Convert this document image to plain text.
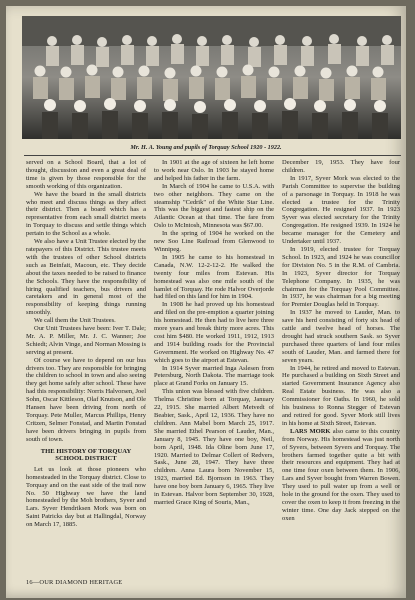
Mr. H. A. Young and pupils of Torquay School 1920 - 1922.

served on a School Board, that a lot of thought, discussion and even a great deal of time is given by those responsible for the smooth working of this organization.

We have the board in the small districts who meet and discuss things as they affect their district. Then a board which has a representative from each small district meets in Torquay to discuss and settle things which pertain to the School as a whole.

We also have a Unit Trustee elected by the ratepayers of this District. This trustee meets with the trustees of other School districts such as Beinfait, Macoun, etc. They decide about the taxes needed to be raised to finance the Schools. They have the responsibility of hiring qualified teachers, bus drivers and caretakers and in general most of the responsibility of keeping things running smoothly.

We call them the Unit Trustees.

Our Unit Trustees have been: Iver T. Dale; Mr. A. P. Miller, Mr. J. C. Wanner; Joe Schiedt; Alvin Vinge, and Norman Mossing is serving at present.

Of course we have to depend on our bus drivers too. They are responsible for bringing the children to school in town and also seeing they get home safely after school. These have had this responsibility: Norris Halvorsen, Joel Sohn, Oscar Kittleson, Olaf Knutson, and Ole Hansen have been driving from north of Torquay. Pete Muller, Marcus Phillips, Henry Critzen, Selmer Fonstad, and Martin Fonstad have been drivers bringing in pupils from south of town.

THE HISTORY OF TORQUAY SCHOOL DISTRICT

Let us look at those pioneers who homesteaded in the Torquay district. Close to Torquay and on the east side of the trail now No. 50 Highway we have the land homesteaded by the Moh brothers, Syver and Lars. Syver Hendriksen Mork was born on Saint Patricks day but at Hallingdal, Norway on March 17, 1885.

In 1901 at the age of sixteen he left home to work near Oslo. In 1903 he stayed home and helped his father in the farm.

In March of 1904 he came to U.S.A. with two other neighbors. They came on the steamship "Cedrik" of the White Star Line. This was the biggest and fastest ship on the Atlantic Ocean at that time. The fare from Oslo to McIntosh, Minnesota was $67.00.

In the spring of 1904 he worked on the new Soo Line Railroad from Glenwood to Winnipeg.

In 1905 he came to his homestead in Canada, N.W. 12-2-12-2. He walked the twenty four miles from Estevan. His homestead was also one mile south of the hamlet of Torquay. He rode Halvor Overjorde had filed on this land for him in 1904.

In 1908 he had proved up his homestead and filed on the pre-emption a quarter joining his homestead. He then had to live here three more years and break thirty more acres. This cost him $480. He worked 1911, 1912, 1913 and 1914 building roads for the Provincial Government. He worked on Highway No. 47 which goes to the airport at Estevan.

In 1914 Syver married Inga Aslesen from Petersburg, North Dakota. The marriage took place at Grand Forks on January 15.

This union was blessed with five children. Thelma Christine born at Torquay, January 22, 1915. She married Albert Metvedt of Beabier, Sask., April 12, 1936. They have no children. Ann Mabel born March 25, 1917. She married Ethel Pearson of Lauder, Man., January 8, 1945. They have one boy, Neil, born April, 1948. Ida Oline born June 17, 1920. Married to Delmar Collert of Redvers, Sask., June 28, 1947. They have three children. Anna Laura born November 15, 1923, married Ed. Bjornson in 1963. They have one boy born January 6, 1965. They live in Estevan. Halvor born September 30, 1928, married Grace King of Souris, Man.,

December 19, 1953. They have four children.

In 1917, Syver Mork was elected to the Parish Committee to supervise the building of a parsonage in Torquay. In 1918 he was elected a trustee for the Trinity Congregation. He resigned 1937. In 1923 Syver was elected secretary for the Trinity Congregation. He resigned 1939. In 1924 he became manager for the Cemetery and Undertaker until 1937.

In 1919, elected trustee for Torquay School. In 1923, and 1924 he was councillor for Division No. 5 in the R.M. of Cambria. In 1923, Syver director for Torquay Telephone Company. In 1935, he was chairman for the Torquay Pool Committee. In 1937, he was chairman for a big meeting for Premier Douglas held in Torquay.

In 1937 he moved to Lauder, Man. to save his herd consisting of forty six head of cattle and twelve head of horses. The drought had struck southern Sask. so Syver purchased three quarters of land four miles south of Lauder, Man. and farmed there for seven years.

In 1944, he retired and moved to Estevan. He purchased a building on Sixth Street and started Government Insurance Agency also Real Estate business. He was also a Commissioner for Oaths. In 1960, he sold his business to Ronna Stegger of Estevan and retired for good. Syver Mork still lives in his home at Sixth Street, Estevan.

LARS MORK also came to this country from Norway. His homestead was just north of Syvers, between Syvers and Torquay. The brothers farmed together quite a bit with their resources and equipment. They had at one time four oxen between them. In 1906, Lars and Syver bought from Warren Bowen. They used to pull water up from a well or hole in the ground for the oxen. They used to cover the oxen to keep it from freezing in the winter time. One day Jack stepped on the oxen

16—OUR DIAMOND HERITAGE
